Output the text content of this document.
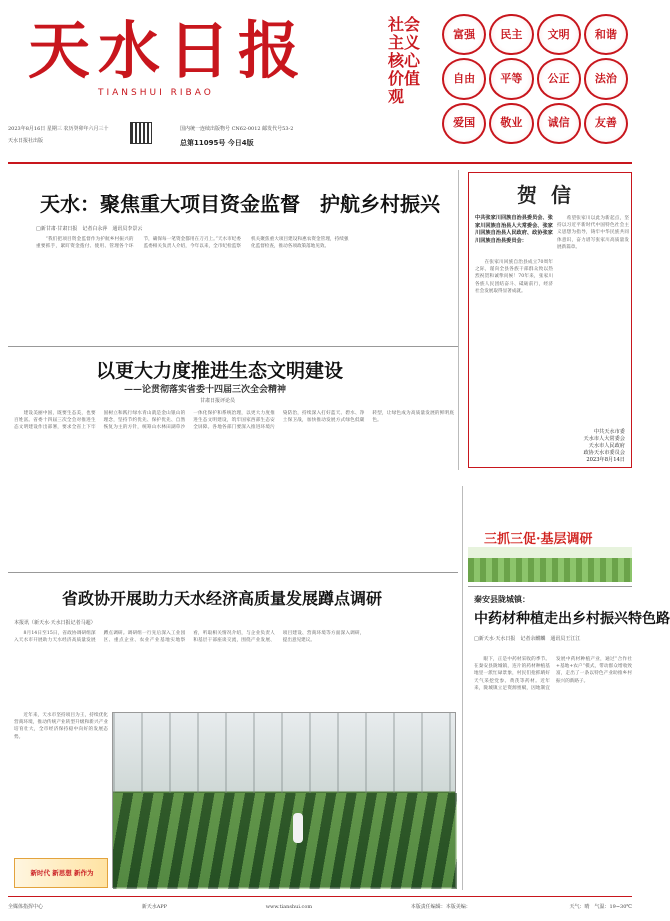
天水日报
TIANSHUI RIBAO
2023年8月16日 星期三 农历癸卯年六月三十
天水日报社出版
国内统一连续出版物号 CN62-0012 邮发代号53-2
总第11095号 今日4版
社会主义核心价值观
富强	民主	文明	和谐
自由	平等	公正	法治
爱国	敬业	诚信	友善
天水：聚焦重大项目资金监督　护航乡村振兴
□新甘肃·甘肃日报　记者白永萍　通讯员李景云
　　“我们把项目资金监督作为护航乡村振兴的重要抓手，紧盯资金拨付、使用、管理各个环节，确保每一笔资金都用在刀刃上。”天水市纪委监委相关负责人介绍，今年以来，全市纪检监察机关聚焦重大项目建设和惠农资金管理，持续强化监督检查，推动各项政策落地见效。
贺信
中共张家川回族自治县委员会、张家川回族自治县人大常委会、张家川回族自治县人民政府、政协张家川回族自治县委员会：
　　在张家川回族自治县成立70周年之际，谨向全县各族干部群众致以热烈祝贺和诚挚问候！70年来，张家川各族人民团结奋斗、砥砺前行，经济社会发展取得显著成就。
　　希望张家川以此为新起点，坚持以习近平新时代中国特色社会主义思想为指导，铸牢中华民族共同体意识，奋力谱写张家川高质量发展新篇章。
中共天水市委
天水市人大常委会
天水市人民政府
政协天水市委员会
2023年8月14日
以更大力度推进生态文明建设
——论贯彻落实省委十四届三次全会精神
甘肃日报评论员
　　建设美丽中国，既要生态美，也要百姓富。省委十四届三次全会对推进生态文明建设作出部署，要求全省上下牢固树立和践行绿水青山就是金山银山的理念，坚持节约优先、保护优先、自然恢复为主的方针，统筹山水林田湖草沙一体化保护和系统治理，以更大力度推进生态文明建设，筑牢国家西部生态安全屏障。各地各部门要深入推进环境污染防治，持续深入打好蓝天、碧水、净土保卫战，加快推动发展方式绿色低碳转型，让绿色成为高质量发展的鲜明底色。
三抓三促·基层调研
秦安县陇城镇：
中药材种植走出乡村振兴特色路
□新天水·天水日报　记者余麒麟　通讯员王江江
　　眼下，正是中药材采收的季节。在秦安县陇城镇，连片的药材种植基地里一派忙碌景象，村民们抢抓晴好天气采挖党参、黄芪等药材。近年来，陇城镇立足资源禀赋，因地制宜发展中药材种植产业，通过“合作社+基地+农户”模式，带动群众增收致富，走出了一条以特色产业助推乡村振兴的新路子。
省政协开展助力天水经济高质量发展蹲点调研
本报讯（新天水·天水日报记者马超）
　　8月14日至15日，省政协调研组深入天水市开展助力天水经济高质量发展蹲点调研。调研组一行先后深入工业园区、重点企业、农业产业基地实地察看，听取相关情况介绍，与企业负责人和基层干部座谈交流，围绕产业发展、项目建设、营商环境等方面深入调研，提出意见建议。
　　近年来，天水市坚持项目为王，持续优化营商环境，推动传统产业转型升级和新兴产业培育壮大，全市经济保持稳中向好的发展态势。
新时代 新思想 新作为
全媒体指挥中心	新天水APP	www.tianshui.com	本版责任编辑：本版美编：	天气：晴　气温：19~30℃
